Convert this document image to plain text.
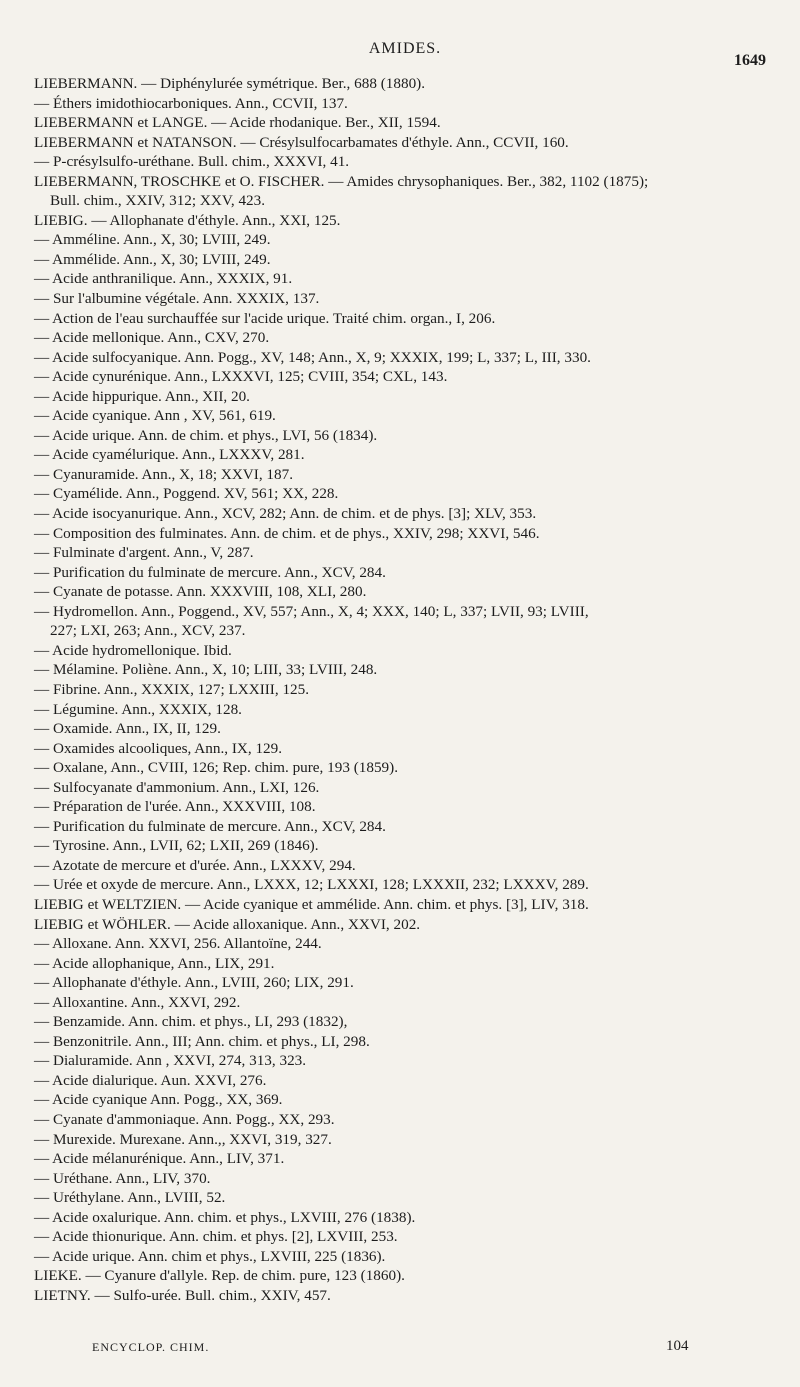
AMIDES.
1649
LIEBERMANN. — Diphénylurée symétrique. Ber., 688 (1880).
— Éthers imidothiocarboniques. Ann., CCVII, 137.
LIEBERMANN et LANGE. — Acide rhodanique. Ber., XII, 1594.
LIEBERMANN et NATANSON. — Crésylsulfocarbamates d'éthyle. Ann., CCVII, 160.
— P-crésylsulfo-uréthane. Bull. chim., XXXVI, 41.
LIEBERMANN, TROSCHKE et O. FISCHER. — Amides chrysophaniques. Ber., 382, 1102 (1875);
Bull. chim., XXIV, 312; XXV, 423.
LIEBIG. — Allophanate d'éthyle. Ann., XXI, 125.
— Amméline. Ann., X, 30; LVIII, 249.
— Ammélide. Ann., X, 30; LVIII, 249.
— Acide anthranilique. Ann., XXXIX, 91.
— Sur l'albumine végétale. Ann. XXXIX, 137.
— Action de l'eau surchauffée sur l'acide urique. Traité chim. organ., I, 206.
— Acide mellonique. Ann., CXV, 270.
— Acide sulfocyanique. Ann. Pogg., XV, 148; Ann., X, 9; XXXIX, 199; L, 337; L, III, 330.
— Acide cynurénique. Ann., LXXXVI, 125; CVIII, 354; CXL, 143.
— Acide hippurique. Ann., XII, 20.
— Acide cyanique. Ann , XV, 561, 619.
— Acide urique. Ann. de chim. et phys., LVI, 56 (1834).
— Acide cyamélurique. Ann., LXXXV, 281.
— Cyanuramide. Ann., X, 18; XXVI, 187.
— Cyamélide. Ann., Poggend. XV, 561; XX, 228.
— Acide isocyanurique. Ann., XCV, 282; Ann. de chim. et de phys. [3]; XLV, 353.
— Composition des fulminates. Ann. de chim. et de phys., XXIV, 298; XXVI, 546.
— Fulminate d'argent. Ann., V, 287.
— Purification du fulminate de mercure. Ann., XCV, 284.
— Cyanate de potasse. Ann. XXXVIII, 108, XLI, 280.
— Hydromellon. Ann., Poggend., XV, 557; Ann., X, 4; XXX, 140; L, 337; LVII, 93; LVIII,
227; LXI, 263; Ann., XCV, 237.
— Acide hydromellonique. Ibid.
— Mélamine. Poliène. Ann., X, 10; LIII, 33; LVIII, 248.
— Fibrine. Ann., XXXIX, 127; LXXIII, 125.
— Légumine. Ann., XXXIX, 128.
— Oxamide. Ann., IX, II, 129.
— Oxamides alcooliques, Ann., IX, 129.
— Oxalane, Ann., CVIII, 126; Rep. chim. pure, 193 (1859).
— Sulfocyanate d'ammonium. Ann., LXI, 126.
— Préparation de l'urée. Ann., XXXVIII, 108.
— Purification du fulminate de mercure. Ann., XCV, 284.
— Tyrosine. Ann., LVII, 62; LXII, 269 (1846).
— Azotate de mercure et d'urée. Ann., LXXXV, 294.
— Urée et oxyde de mercure. Ann., LXXX, 12; LXXXI, 128; LXXXII, 232; LXXXV, 289.
LIEBIG et WELTZIEN. — Acide cyanique et ammélide. Ann. chim. et phys. [3], LIV, 318.
LIEBIG et WÖHLER. — Acide alloxanique. Ann., XXVI, 202.
— Alloxane. Ann. XXVI, 256. Allantoïne, 244.
— Acide allophanique, Ann., LIX, 291.
— Allophanate d'éthyle. Ann., LVIII, 260; LIX, 291.
— Alloxantine. Ann., XXVI, 292.
— Benzamide. Ann. chim. et phys., LI, 293 (1832),
— Benzonitrile. Ann., III; Ann. chim. et phys., LI, 298.
— Dialuramide. Ann , XXVI, 274, 313, 323.
— Acide dialurique. Aun. XXVI, 276.
— Acide cyanique Ann. Pogg., XX, 369.
— Cyanate d'ammoniaque. Ann. Pogg., XX, 293.
— Murexide. Murexane. Ann.,, XXVI, 319, 327.
— Acide mélanurénique. Ann., LIV, 371.
— Uréthane. Ann., LIV, 370.
— Uréthylane. Ann., LVIII, 52.
— Acide oxalurique. Ann. chim. et phys., LXVIII, 276 (1838).
— Acide thionurique. Ann. chim. et phys. [2], LXVIII, 253.
— Acide urique. Ann. chim et phys., LXVIII, 225 (1836).
LIEKE. — Cyanure d'allyle. Rep. de chim. pure, 123 (1860).
LIETNY. — Sulfo-urée. Bull. chim., XXIV, 457.
ENCYCLOP. CHIM.	104
